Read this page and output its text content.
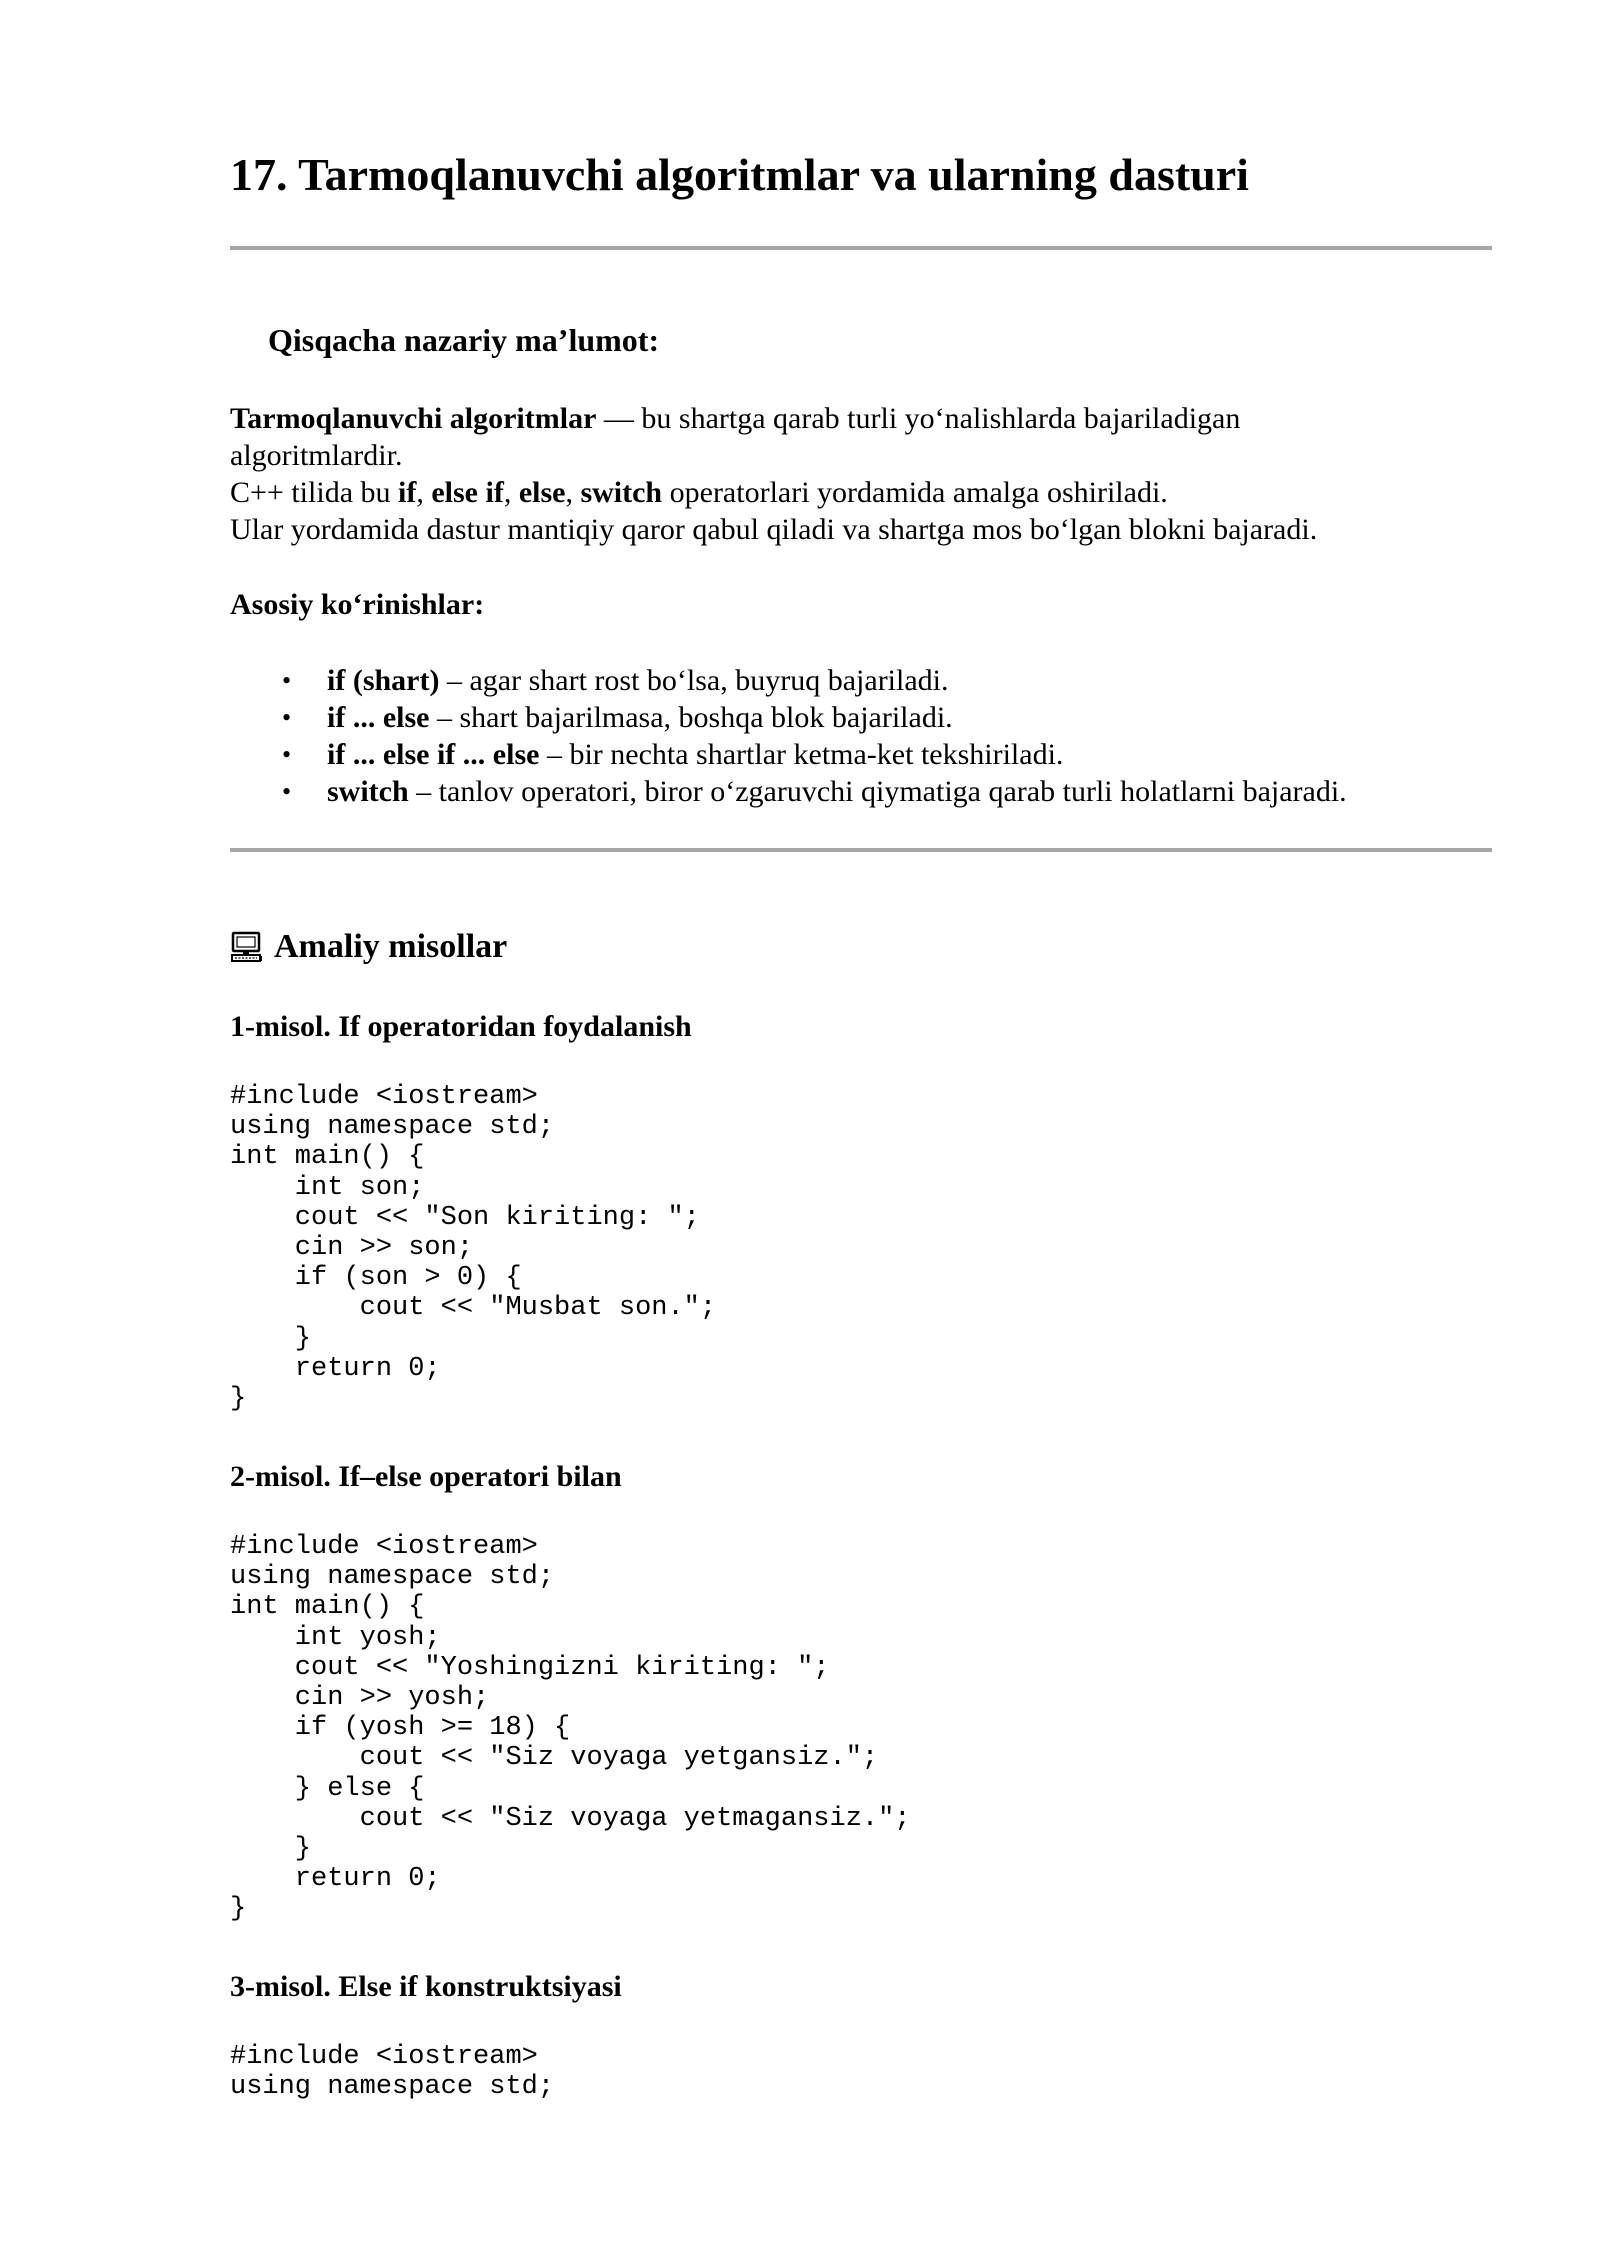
17. Tarmoqlanuvchi algoritmlar va ularning dasturi
Qisqacha nazariy ma’lumot:

Tarmoqlanuvchi algoritmlar — bu shartga qarab turli yo‘nalishlarda bajariladigan

algoritmlardir.

C++ tilida bu if, else if, else, switch operatorlari yordamida amalga oshiriladi.

Ular yordamida dastur mantiqiy qaror qabul qiladi va shartga mos bo‘lgan blokni bajaradi.

Asosiy ko‘rinishlar:

• if (shart) – agar shart rost bo‘lsa, buyruq bajariladi.
• if ... else – shart bajarilmasa, boshqa blok bajariladi.
• if ... else if ... else – bir nechta shartlar ketma-ket tekshiriladi.
• switch – tanlov operatori, biror o‘zgaruvchi qiymatiga qarab turli holatlarni bajaradi.
Amaliy misollar
1-misol. If operatoridan foydalanish
#include <iostream>
using namespace std;
int main() {
int son;
cout << "Son kiriting: ";
cin >> son;
if (son > 0) {
cout << "Musbat son.";
}
return 0;
}
2-misol. If–else operatori bilan
#include <iostream>
using namespace std;
int main() {
int yosh;
cout << "Yoshingizni kiriting: ";
cin >> yosh;
if (yosh >= 18) {
cout << "Siz voyaga yetgansiz.";
} else {
cout << "Siz voyaga yetmagansiz.";
}
return 0;
}
3-misol. Else if konstruktsiyasi
#include <iostream>
using namespace std;
